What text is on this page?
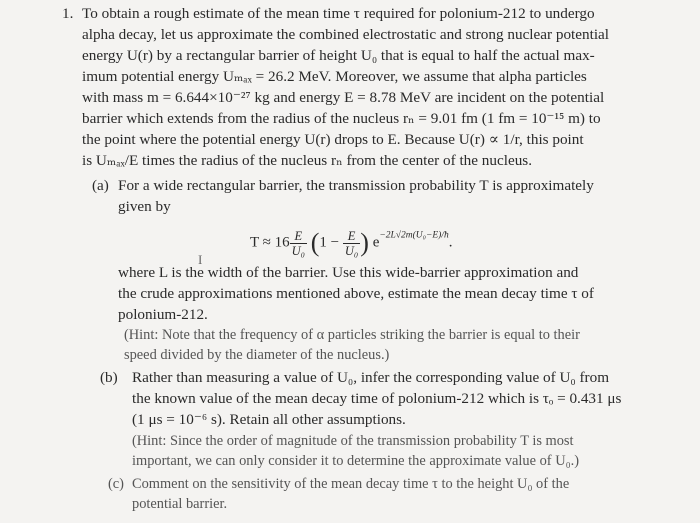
1. To obtain a rough estimate of the mean time τ required for polonium-212 to undergo
alpha decay, let us approximate the combined electrostatic and strong nuclear potential
energy U(r) by a rectangular barrier of height U₀ that is equal to half the actual max-
imum potential energy Uₘₐₓ = 26.2 MeV. Moreover, we assume that alpha particles
with mass m = 6.644×10⁻²⁷ kg and energy E = 8.78 MeV are incident on the potential
barrier which extends from the radius of the nucleus rₙ = 9.01 fm (1 fm = 10⁻¹⁵ m) to
the point where the potential energy U(r) drops to E. Because U(r) ∝ 1/r, this point
is Uₘₐₓ/E times the radius of the nucleus rₙ from the center of the nucleus.
(a) For a wide rectangular barrier, the transmission probability T is approximately
given by
$T \approx 16 \frac{E}{\text{U₀}} (1 - \frac{E}{\text{U₀}}$ ) $e^{-2L√2m(U_0-E)/ħ}$.
I
where L is the width of the barrier. Use this wide-barrier approximation and
the crude approximations mentioned above, estimate the mean decay time τ of
polonium-212.
(Hint: Note that the frequency of α particles striking the barrier is equal to their
speed divided by the diameter of the nucleus.)
(b) Rather than measuring a value of U₀, infer the corresponding value of U₀ from
the known value of the mean decay time of polonium-212 which is τₒ = 0.431 μs
(1 μs = 10⁻⁶ s). Retain all other assumptions.
(Hint: Since the order of magnitude of the transmission probability T is most
important, we can only consider it to determine the approximate value of U₀.)
(c) Comment on the sensitivity of the mean decay time τ to the height U₀ of the
potential barrier.
